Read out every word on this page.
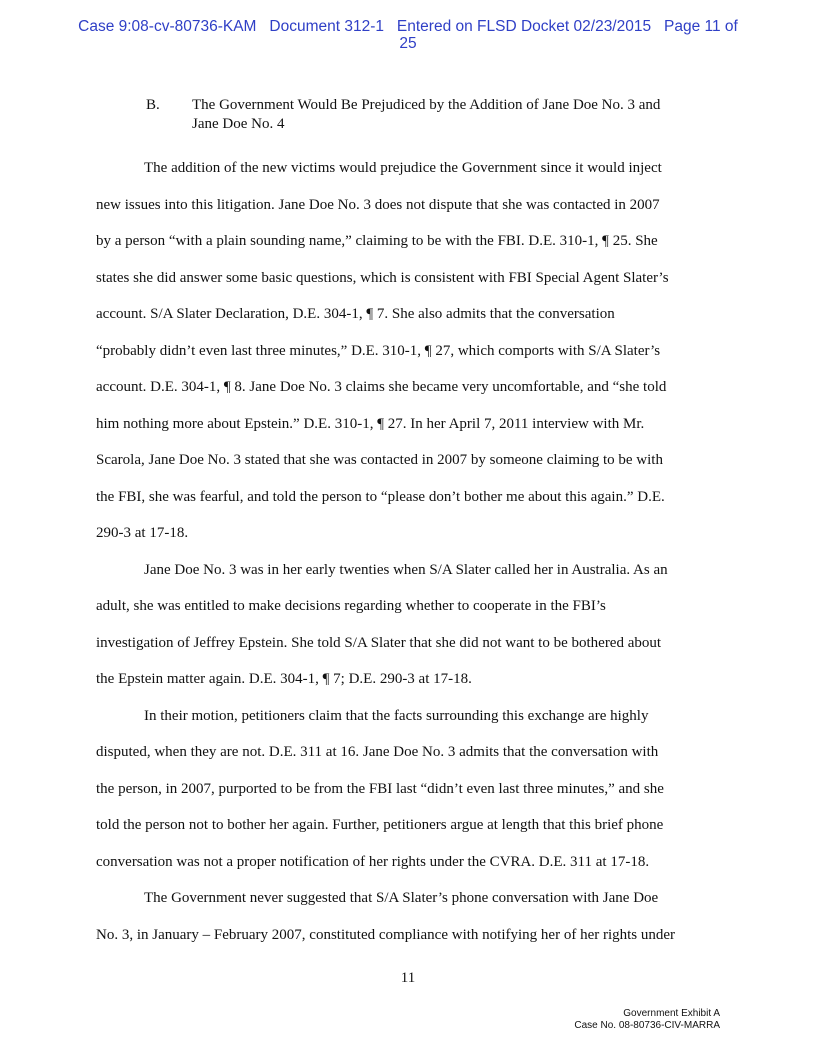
Case 9:08-cv-80736-KAM   Document 312-1   Entered on FLSD Docket 02/23/2015   Page 11 of
25
B. The Government Would Be Prejudiced by the Addition of Jane Doe No. 3 and
Jane Doe No. 4

The addition of the new victims would prejudice the Government since it would inject
new issues into this litigation. Jane Doe No. 3 does not dispute that she was contacted in 2007
by a person “with a plain sounding name,” claiming to be with the FBI. D.E. 310-1, ¶ 25. She
states she did answer some basic questions, which is consistent with FBI Special Agent Slater’s
account. S/A Slater Declaration, D.E. 304-1, ¶ 7. She also admits that the conversation
“probably didn’t even last three minutes,” D.E. 310-1, ¶ 27, which comports with S/A Slater’s
account. D.E. 304-1, ¶ 8. Jane Doe No. 3 claims she became very uncomfortable, and “she told
him nothing more about Epstein.” D.E. 310-1, ¶ 27. In her April 7, 2011 interview with Mr.
Scarola, Jane Doe No. 3 stated that she was contacted in 2007 by someone claiming to be with
the FBI, she was fearful, and told the person to “please don’t bother me about this again.” D.E.
290-3 at 17-18.

Jane Doe No. 3 was in her early twenties when S/A Slater called her in Australia. As an
adult, she was entitled to make decisions regarding whether to cooperate in the FBI’s
investigation of Jeffrey Epstein. She told S/A Slater that she did not want to be bothered about
the Epstein matter again. D.E. 304-1, ¶ 7; D.E. 290-3 at 17-18.

In their motion, petitioners claim that the facts surrounding this exchange are highly
disputed, when they are not. D.E. 311 at 16. Jane Doe No. 3 admits that the conversation with
the person, in 2007, purported to be from the FBI last “didn’t even last three minutes,” and she
told the person not to bother her again. Further, petitioners argue at length that this brief phone
conversation was not a proper notification of her rights under the CVRA. D.E. 311 at 17-18.

The Government never suggested that S/A Slater’s phone conversation with Jane Doe
No. 3, in January – February 2007, constituted compliance with notifying her of her rights under

11
Government Exhibit A
Case No. 08-80736-CIV-MARRA
